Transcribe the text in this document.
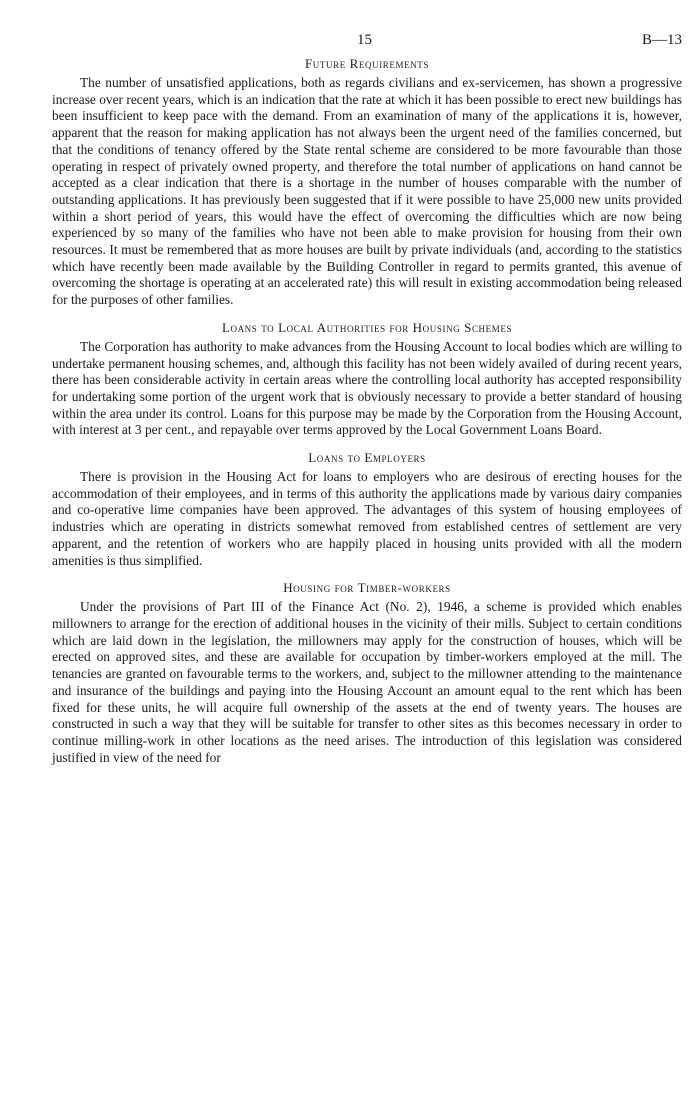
15	B—13
Future Requirements

The number of unsatisfied applications, both as regards civilians and ex-servicemen, has shown a progressive increase over recent years, which is an indication that the rate at which it has been possible to erect new buildings has been insufficient to keep pace with the demand. From an examination of many of the applications it is, however, apparent that the reason for making application has not always been the urgent need of the families concerned, but that the conditions of tenancy offered by the State rental scheme are considered to be more favourable than those operating in respect of privately owned property, and therefore the total number of applications on hand cannot be accepted as a clear indication that there is a shortage in the number of houses comparable with the number of outstanding applications. It has previously been suggested that if it were possible to have 25,000 new units provided within a short period of years, this would have the effect of overcoming the difficulties which are now being experienced by so many of the families who have not been able to make provision for housing from their own resources. It must be remembered that as more houses are built by private individuals (and, according to the statistics which have recently been made available by the Building Controller in regard to permits granted, this avenue of overcoming the shortage is operating at an accelerated rate) this will result in existing accommodation being released for the purposes of other families.

Loans to Local Authorities for Housing Schemes

The Corporation has authority to make advances from the Housing Account to local bodies which are willing to undertake permanent housing schemes, and, although this facility has not been widely availed of during recent years, there has been considerable activity in certain areas where the controlling local authority has accepted responsibility for undertaking some portion of the urgent work that is obviously necessary to provide a better standard of housing within the area under its control. Loans for this purpose may be made by the Corporation from the Housing Account, with interest at 3 per cent., and repayable over terms approved by the Local Government Loans Board.

Loans to Employers

There is provision in the Housing Act for loans to employers who are desirous of erecting houses for the accommodation of their employees, and in terms of this authority the applications made by various dairy companies and co-operative lime companies have been approved. The advantages of this system of housing employees of industries which are operating in districts somewhat removed from established centres of settlement are very apparent, and the retention of workers who are happily placed in housing units provided with all the modern amenities is thus simplified.

Housing for Timber-workers

Under the provisions of Part III of the Finance Act (No. 2), 1946, a scheme is provided which enables millowners to arrange for the erection of additional houses in the vicinity of their mills. Subject to certain conditions which are laid down in the legislation, the millowners may apply for the construction of houses, which will be erected on approved sites, and these are available for occupation by timber-workers employed at the mill. The tenancies are granted on favourable terms to the workers, and, subject to the millowner attending to the maintenance and insurance of the buildings and paying into the Housing Account an amount equal to the rent which has been fixed for these units, he will acquire full ownership of the assets at the end of twenty years. The houses are constructed in such a way that they will be suitable for transfer to other sites as this becomes necessary in order to continue milling-work in other locations as the need arises. The introduction of this legislation was considered justified in view of the need for
